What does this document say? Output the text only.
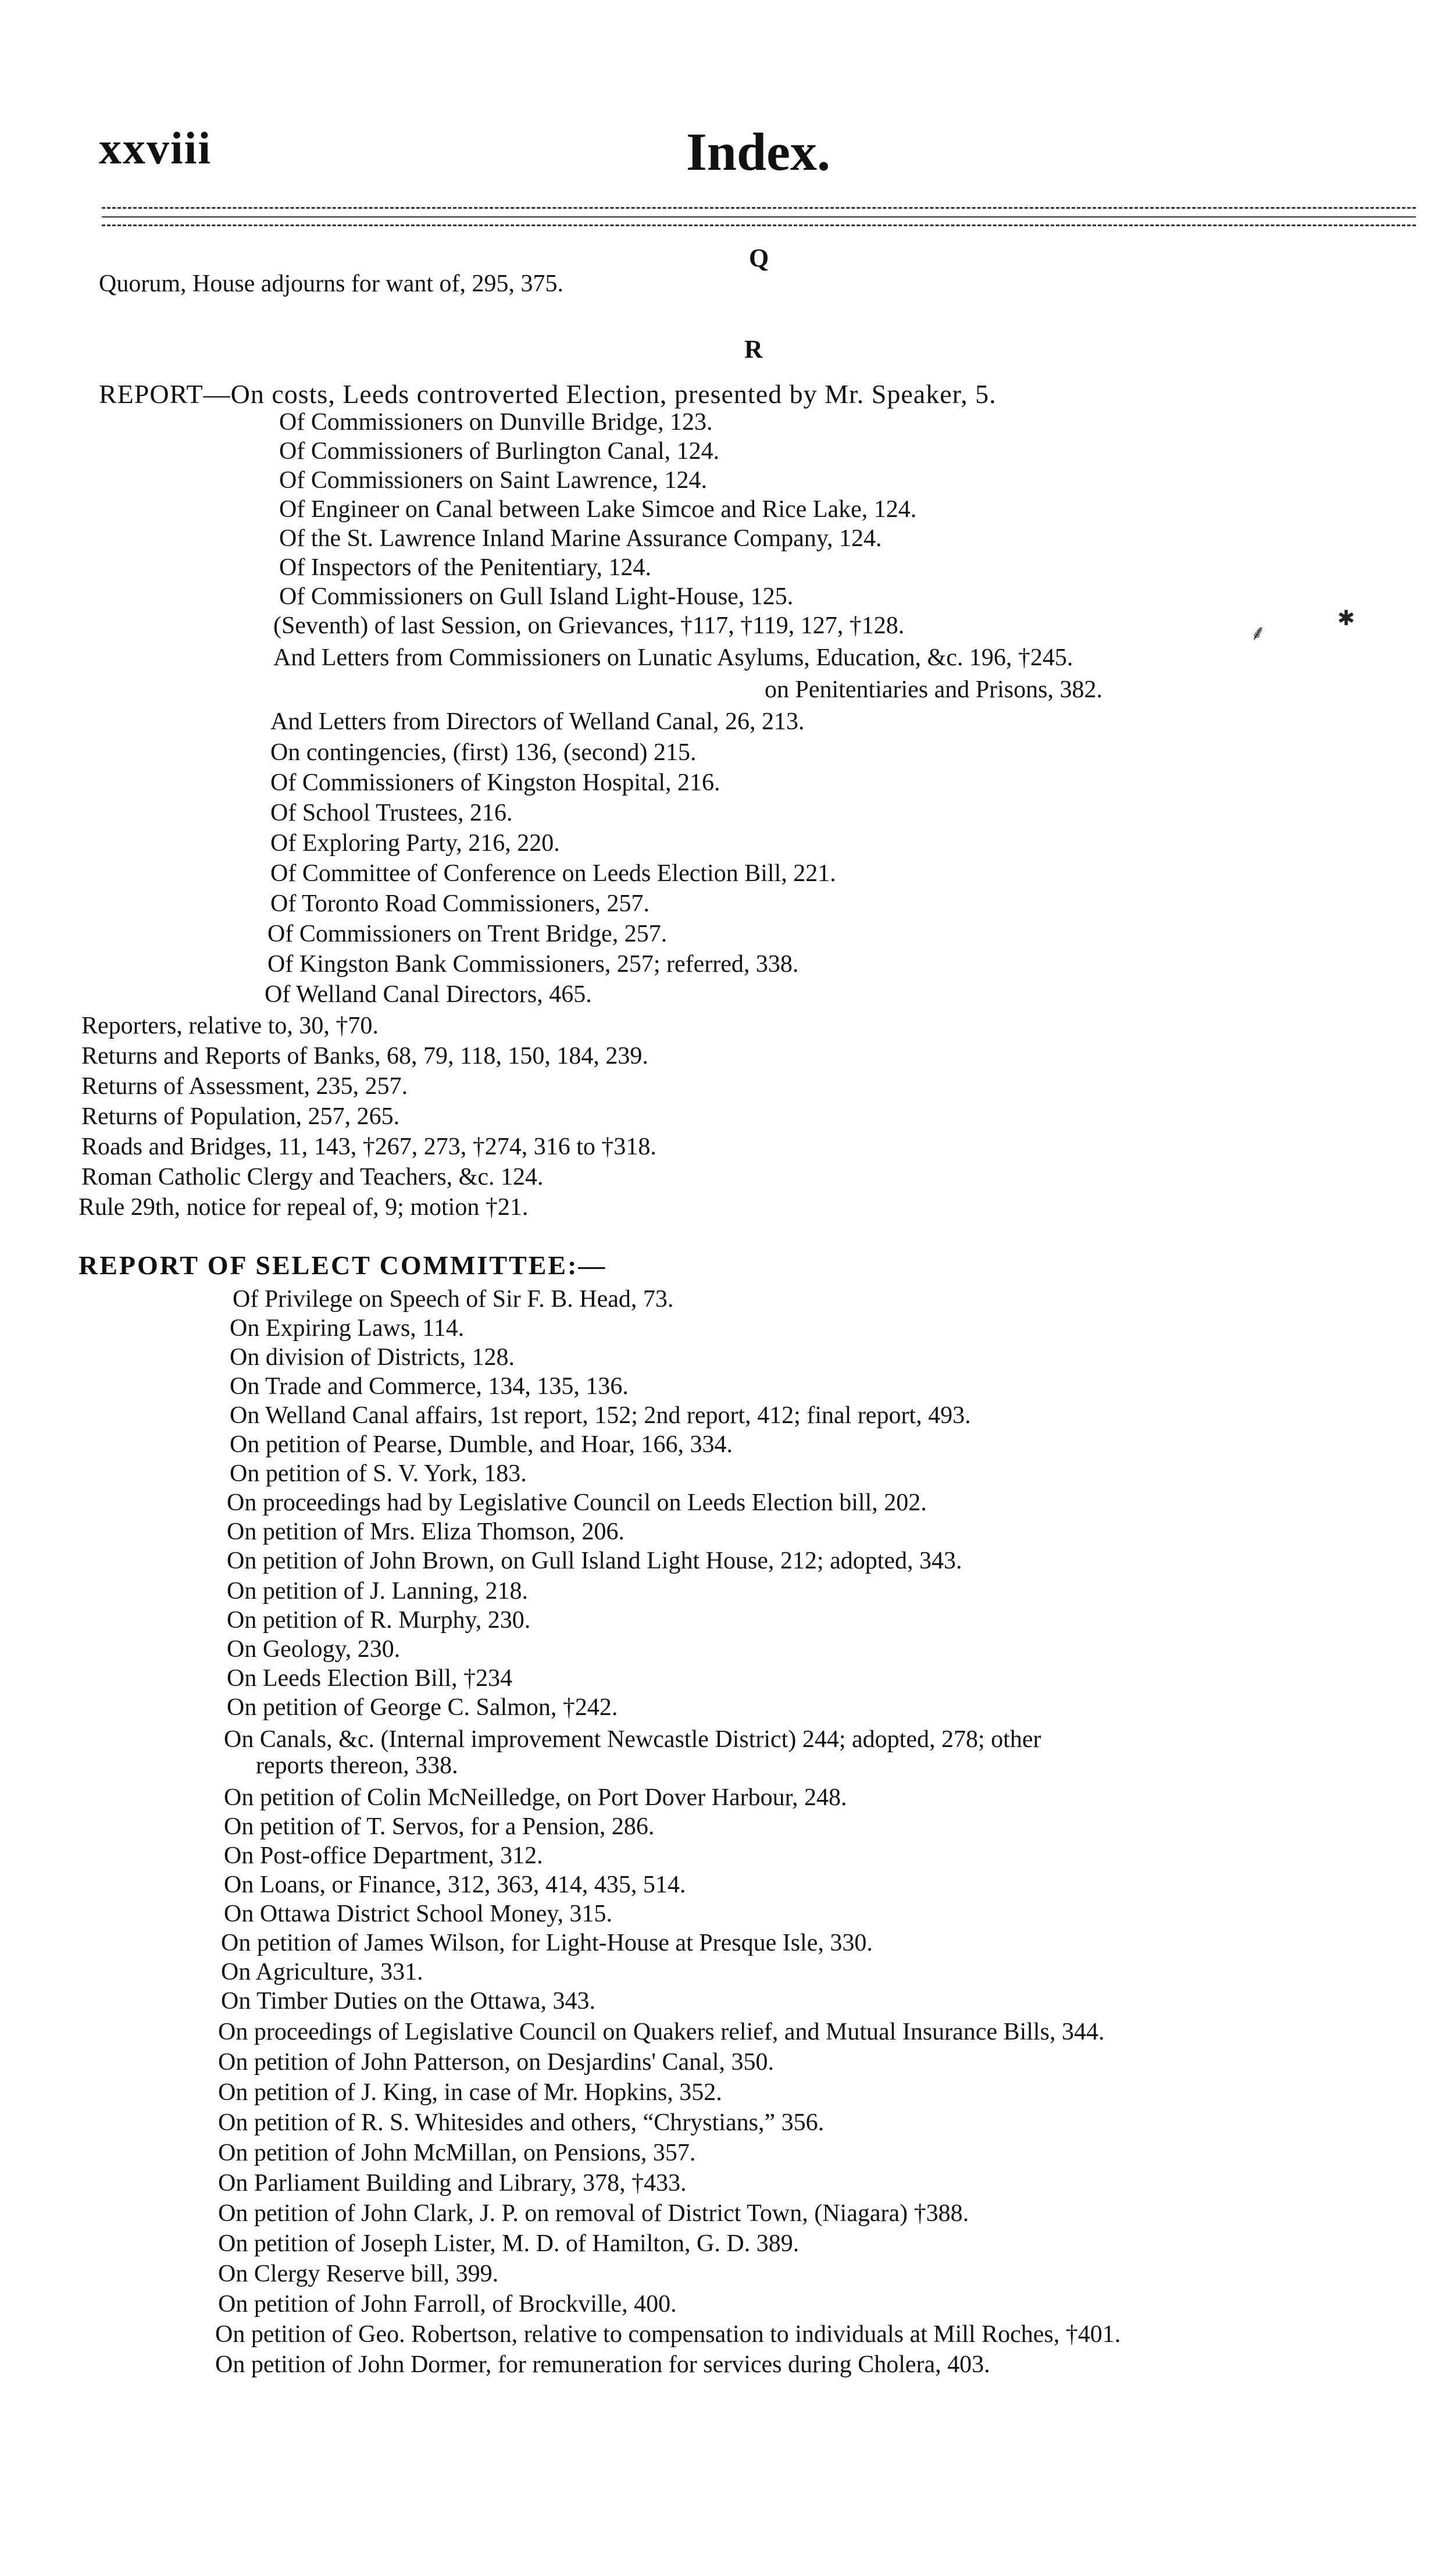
xxviii	Index.
Q
Quorum, House adjourns for want of, 295, 375.
R
REPORT—On costs, Leeds controverted Election, presented by Mr. Speaker, 5.
Of Commissioners on Dunville Bridge, 123.
Of Commissioners of Burlington Canal, 124.
Of Commissioners on Saint Lawrence, 124.
Of Engineer on Canal between Lake Simcoe and Rice Lake, 124.
Of the St. Lawrence Inland Marine Assurance Company, 124.
Of Inspectors of the Penitentiary, 124.
Of Commissioners on Gull Island Light-House, 125.
(Seventh) of last Session, on Grievances, †117, †119, 127, †128.
And Letters from Commissioners on Lunatic Asylums, Education, &c. 196, †245.
on Penitentiaries and Prisons, 382.
And Letters from Directors of Welland Canal, 26, 213.
On contingencies, (first) 136, (second) 215.
Of Commissioners of Kingston Hospital, 216.
Of School Trustees, 216.
Of Exploring Party, 216, 220.
Of Committee of Conference on Leeds Election Bill, 221.
Of Toronto Road Commissioners, 257.
Of Commissioners on Trent Bridge, 257.
Of Kingston Bank Commissioners, 257; referred, 338.
Of Welland Canal Directors, 465.
Reporters, relative to, 30, †70.
Returns and Reports of Banks, 68, 79, 118, 150, 184, 239.
Returns of Assessment, 235, 257.
Returns of Population, 257, 265.
Roads and Bridges, 11, 143, †267, 273, †274, 316 to †318.
Roman Catholic Clergy and Teachers, &c. 124.
Rule 29th, notice for repeal of, 9; motion †21.
REPORT OF SELECT COMMITTEE:—
Of Privilege on Speech of Sir F. B. Head, 73.
On Expiring Laws, 114.
On division of Districts, 128.
On Trade and Commerce, 134, 135, 136.
On Welland Canal affairs, 1st report, 152; 2nd report, 412; final report, 493.
On petition of Pearse, Dumble, and Hoar, 166, 334.
On petition of S. V. York, 183.
On proceedings had by Legislative Council on Leeds Election bill, 202.
On petition of Mrs. Eliza Thomson, 206.
On petition of John Brown, on Gull Island Light House, 212; adopted, 343.
On petition of J. Lanning, 218.
On petition of R. Murphy, 230.
On Geology, 230.
On Leeds Election Bill, †234
On petition of George C. Salmon, †242.
On Canals, &c. (Internal improvement Newcastle District) 244; adopted, 278; other
reports thereon, 338.
On petition of Colin McNeilledge, on Port Dover Harbour, 248.
On petition of T. Servos, for a Pension, 286.
On Post-office Department, 312.
On Loans, or Finance, 312, 363, 414, 435, 514.
On Ottawa District School Money, 315.
On petition of James Wilson, for Light-House at Presque Isle, 330.
On Agriculture, 331.
On Timber Duties on the Ottawa, 343.
On proceedings of Legislative Council on Quakers relief, and Mutual Insurance Bills, 344.
On petition of John Patterson, on Desjardins' Canal, 350.
On petition of J. King, in case of Mr. Hopkins, 352.
On petition of R. S. Whitesides and others, “Chrystians,” 356.
On petition of John McMillan, on Pensions, 357.
On Parliament Building and Library, 378, †433.
On petition of John Clark, J. P. on removal of District Town, (Niagara) †388.
On petition of Joseph Lister, M. D. of Hamilton, G. D. 389.
On Clergy Reserve bill, 399.
On petition of John Farroll, of Brockville, 400.
On petition of Geo. Robertson, relative to compensation to individuals at Mill Roches, †401.
On petition of John Dormer, for remuneration for services during Cholera, 403.
⸙
✱
